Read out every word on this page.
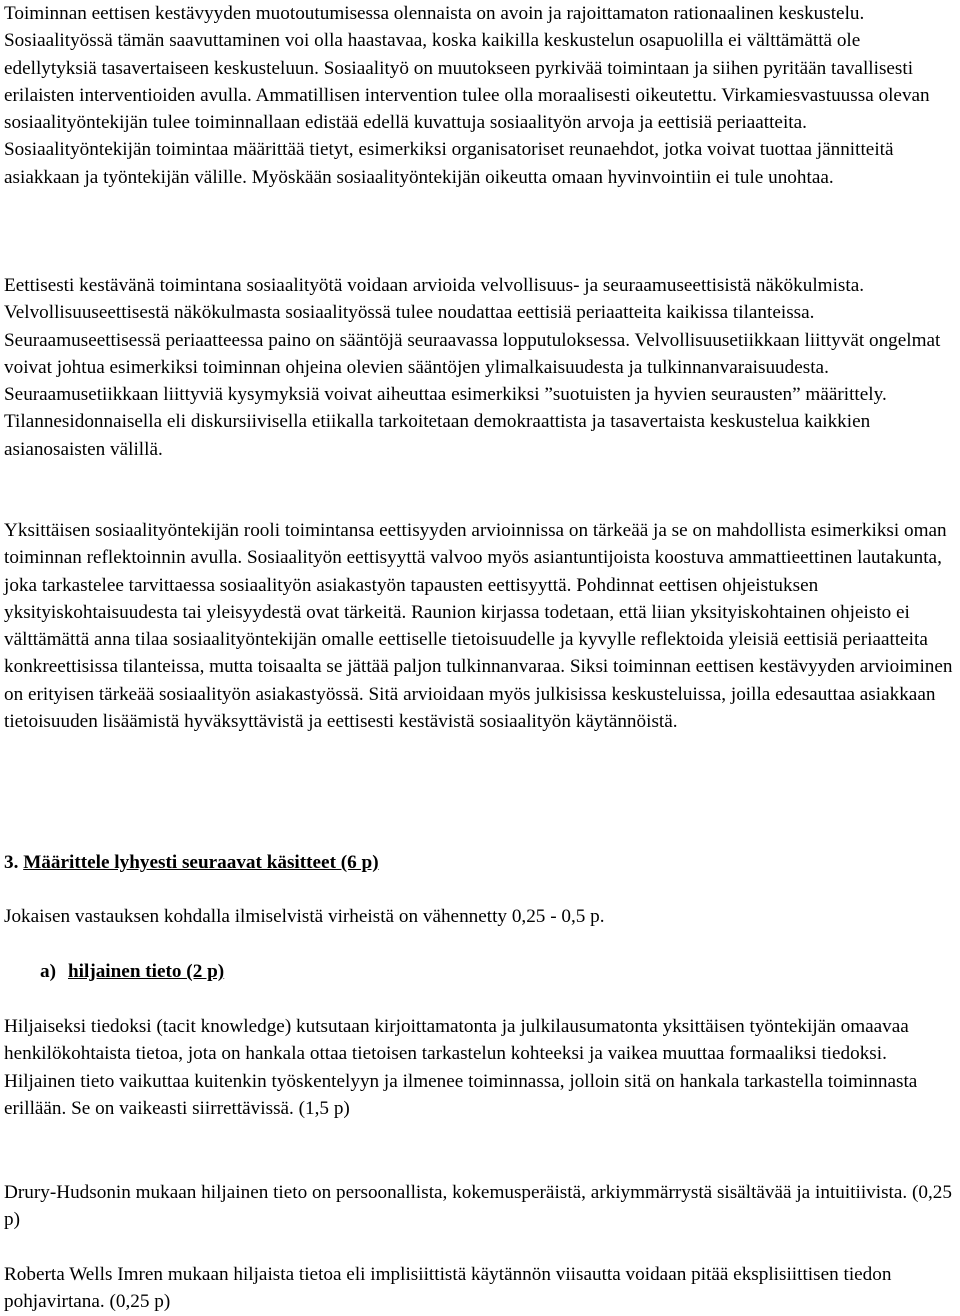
Toiminnan eettisen kestävyyden muotoutumisessa olennaista on avoin ja rajoittamaton rationaalinen keskustelu. Sosiaalityössä tämän saavuttaminen voi olla haastavaa, koska kaikilla keskustelun osapuolilla ei välttämättä ole edellytyksiä tasavertaiseen keskusteluun. Sosiaalityö on muutokseen pyrkivää toimintaan ja siihen pyritään tavallisesti erilaisten interventioiden avulla. Ammatillisen intervention tulee olla moraalisesti oikeutettu. Virkamiesvastuussa olevan sosiaalityöntekijän tulee toiminnallaan edistää edellä kuvattuja sosiaalityön arvoja ja eettisiä periaatteita. Sosiaalityöntekijän toimintaa määrittää tietyt, esimerkiksi organisatoriset reunaehdot, jotka voivat tuottaa jännitteitä asiakkaan ja työntekijän välille. Myöskään sosiaalityöntekijän oikeutta omaan hyvinvointiin ei tule unohtaa.

Eettisesti kestävänä toimintana sosiaalityötä voidaan arvioida velvollisuus- ja seuraamuseettisistä näkökulmista. Velvollisuuseettisestä näkökulmasta sosiaalityössä tulee noudattaa eettisiä periaatteita kaikissa tilanteissa. Seuraamuseettisessä periaatteessa paino on sääntöjä seuraavassa lopputuloksessa. Velvollisuusetiikkaan liittyvät ongelmat voivat johtua esimerkiksi toiminnan ohjeina olevien sääntöjen ylimalkaisuudesta ja tulkinnanvaraisuudesta. Seuraamusetiikkaan liittyviä kysymyksiä voivat aiheuttaa esimerkiksi ”suotuisten ja hyvien seurausten” määrittely. Tilannesidonnaisella eli diskursiivisella etiikalla tarkoitetaan demokraattista ja tasavertaista keskustelua kaikkien asianosaisten välillä.

Yksittäisen sosiaalityöntekijän rooli toimintansa eettisyyden arvioinnissa on tärkeää ja se on mahdollista esimerkiksi oman toiminnan reflektoinnin avulla. Sosiaalityön eettisyyttä valvoo myös asiantuntijoista koostuva ammattieettinen lautakunta, joka tarkastelee tarvittaessa sosiaalityön asiakastyön tapausten eettisyyttä. Pohdinnat eettisen ohjeistuksen yksityiskohtaisuudesta tai yleisyydestä ovat tärkeitä. Raunion kirjassa todetaan, että liian yksityiskohtainen ohjeisto ei välttämättä anna tilaa sosiaalityöntekijän omalle eettiselle tietoisuudelle ja kyvylle reflektoida yleisiä eettisiä periaatteita konkreettisissa tilanteissa, mutta toisaalta se jättää paljon tulkinnanvaraa. Siksi toiminnan eettisen kestävyyden arvioiminen on erityisen tärkeää sosiaalityön asiakastyössä. Sitä arvioidaan myös julkisissa keskusteluissa, joilla edesauttaa asiakkaan tietoisuuden lisäämistä hyväksyttävistä ja eettisesti kestävistä sosiaalityön käytännöistä.

3. Määrittele lyhyesti seuraavat käsitteet (6 p)

Jokaisen vastauksen kohdalla ilmiselvistä virheistä on vähennetty 0,25 - 0,5 p.

a) hiljainen tieto (2 p)

Hiljaiseksi tiedoksi (tacit knowledge) kutsutaan kirjoittamatonta ja julkilausumatonta yksittäisen työntekijän omaavaa henkilökohtaista tietoa, jota on hankala ottaa tietoisen tarkastelun kohteeksi ja vaikea muuttaa formaaliksi tiedoksi. Hiljainen tieto vaikuttaa kuitenkin työskentelyyn ja ilmenee toiminnassa, jolloin sitä on hankala tarkastella toiminnasta erillään. Se on vaikeasti siirrettävissä. (1,5 p)

Drury-Hudsonin mukaan hiljainen tieto on persoonallista, kokemusperäistä, arkiymmärrystä sisältävää ja intuitiivista. (0,25 p)

Roberta Wells Imren mukaan hiljaista tietoa eli implisiittistä käytännön viisautta voidaan pitää eksplisiittisen tiedon pohjavirtana. (0,25 p)
